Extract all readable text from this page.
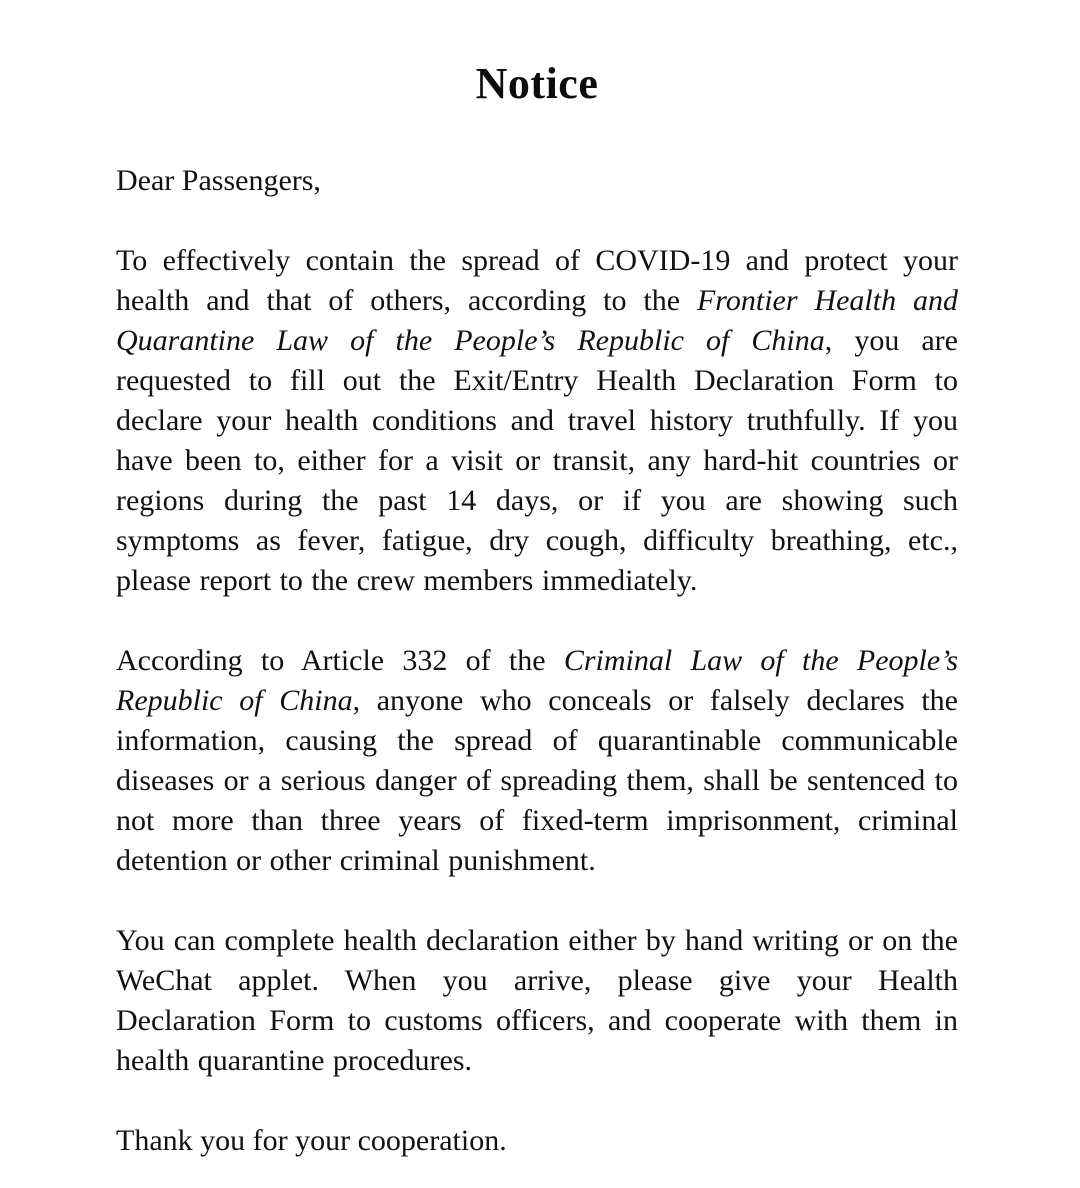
Notice

Dear Passengers,

To effectively contain the spread of COVID-19 and protect your health and that of others, according to the Frontier Health and Quarantine Law of the People’s Republic of China, you are requested to fill out the Exit/Entry Health Declaration Form to declare your health conditions and travel history truthfully. If you have been to, either for a visit or transit, any hard-hit countries or regions during the past 14 days, or if you are showing such symptoms as fever, fatigue, dry cough, difficulty breathing, etc., please report to the crew members immediately.

According to Article 332 of the Criminal Law of the People’s Republic of China, anyone who conceals or falsely declares the information, causing the spread of quarantinable communicable diseases or a serious danger of spreading them, shall be sentenced to not more than three years of fixed-term imprisonment, criminal detention or other criminal punishment.

You can complete health declaration either by hand writing or on the WeChat applet. When you arrive, please give your Health Declaration Form to customs officers, and cooperate with them in health quarantine procedures.

Thank you for your cooperation.
